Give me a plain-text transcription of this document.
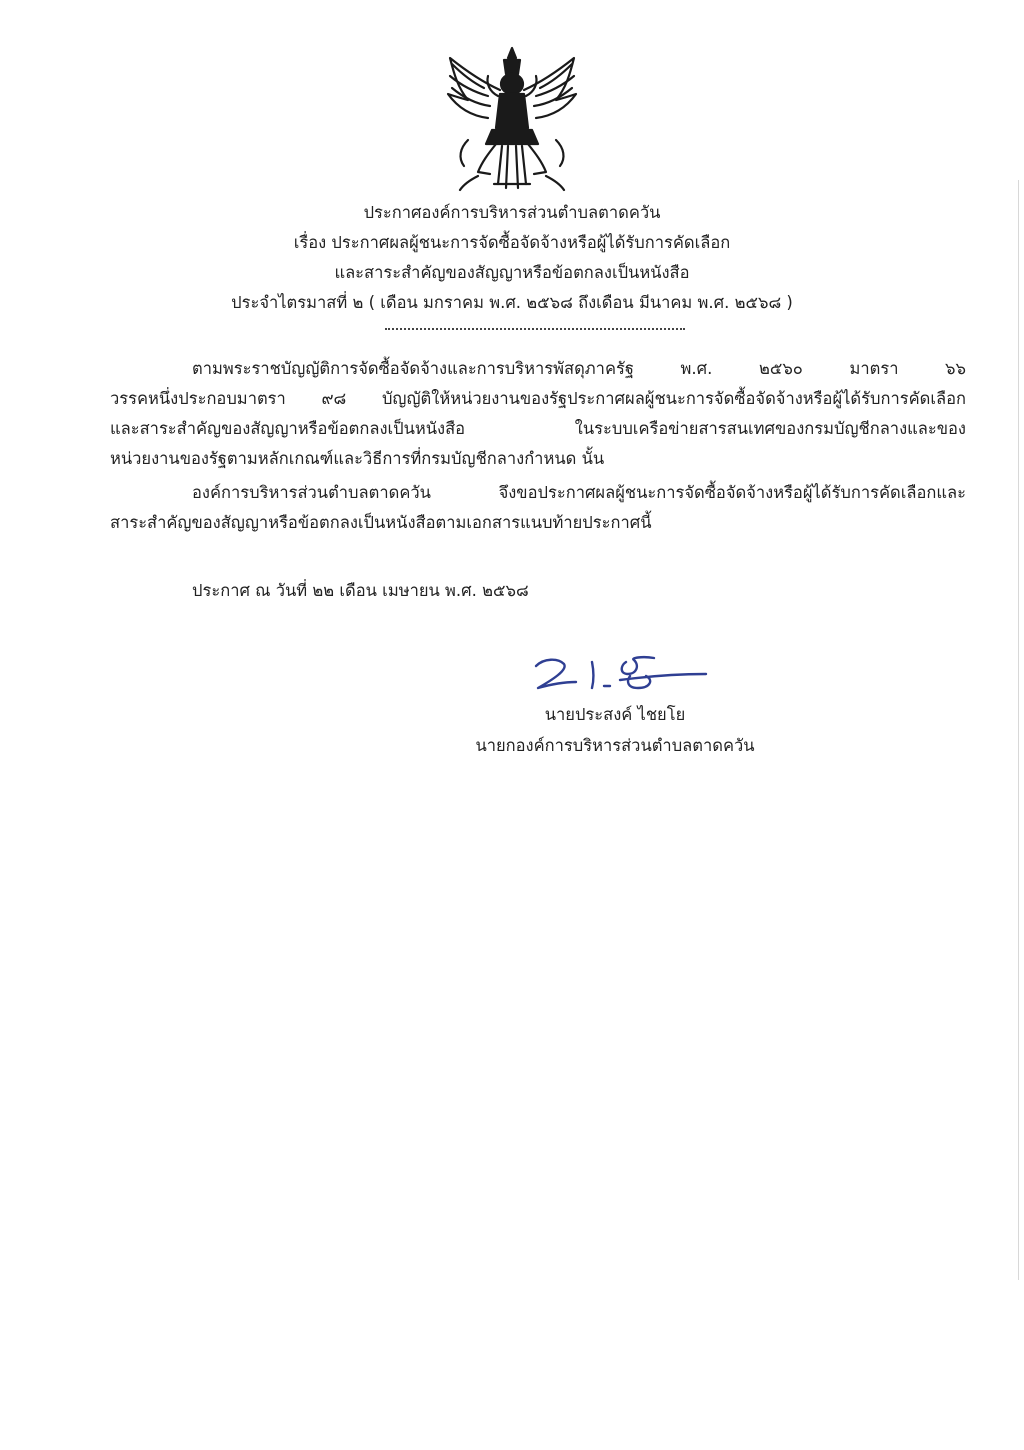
ประกาศองค์การบริหารส่วนตำบลตาดควัน
เรื่อง ประกาศผลผู้ชนะการจัดซื้อจัดจ้างหรือผู้ได้รับการคัดเลือก
และสาระสำคัญของสัญญาหรือข้อตกลงเป็นหนังสือ
ประจำไตรมาสที่ ๒ ( เดือน มกราคม พ.ศ. ๒๕๖๘ ถึงเดือน มีนาคม พ.ศ. ๒๕๖๘ )
ตามพระราชบัญญัติการจัดซื้อจัดจ้างและการบริหารพัสดุภาครัฐ พ.ศ. ๒๕๖๐ มาตรา ๖๖
วรรคหนึ่งประกอบมาตรา ๙๘ บัญญัติให้หน่วยงานของรัฐประกาศผลผู้ชนะการจัดซื้อจัดจ้างหรือผู้ได้รับการคัดเลือก
และสาระสำคัญของสัญญาหรือข้อตกลงเป็นหนังสือ ในระบบเครือข่ายสารสนเทศของกรมบัญชีกลางและของ
หน่วยงานของรัฐตามหลักเกณฑ์และวิธีการที่กรมบัญชีกลางกำหนด นั้น
องค์การบริหารส่วนตำบลตาดควัน จึงขอประกาศผลผู้ชนะการจัดซื้อจัดจ้างหรือผู้ได้รับการคัดเลือกและ
สาระสำคัญของสัญญาหรือข้อตกลงเป็นหนังสือตามเอกสารแนบท้ายประกาศนี้
ประกาศ ณ วันที่ ๒๒ เดือน เมษายน พ.ศ. ๒๕๖๘
นายประสงค์ ไชยโย
นายกองค์การบริหารส่วนตำบลตาดควัน
